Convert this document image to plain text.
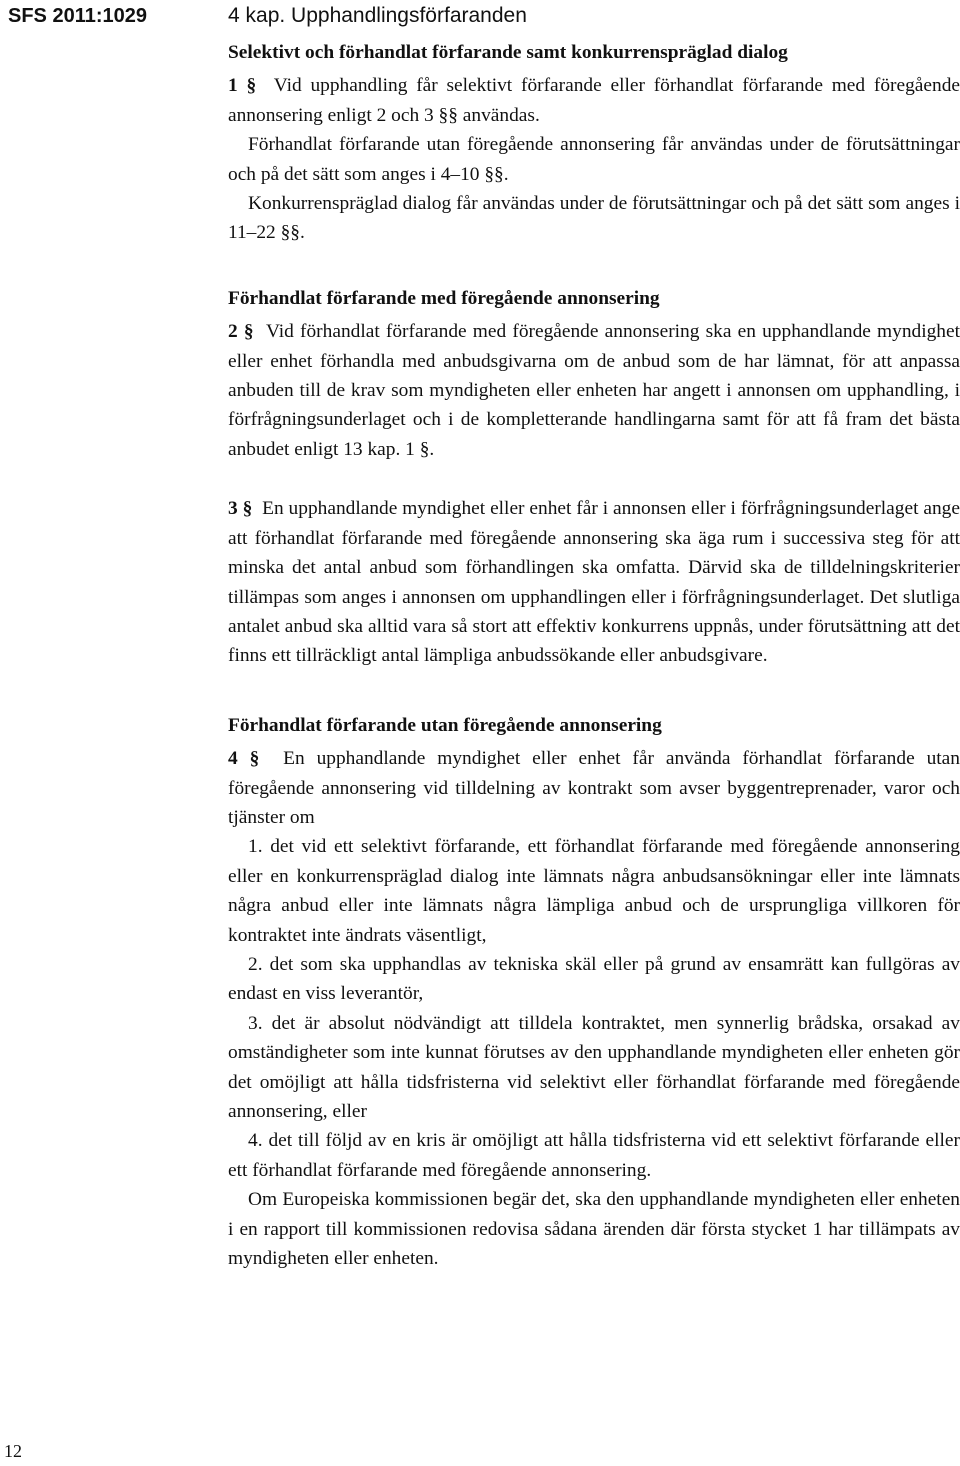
SFS 2011:1029	4 kap. Upphandlingsförfaranden
Selektivt och förhandlat förfarande samt konkurrenspräglad dialog

1 § Vid upphandling får selektivt förfarande eller förhandlat förfarande med föregående annonsering enligt 2 och 3 §§ användas.

Förhandlat förfarande utan föregående annonsering får användas under de förutsättningar och på det sätt som anges i 4–10 §§.

Konkurrenspräglad dialog får användas under de förutsättningar och på det sätt som anges i 11–22 §§.

Förhandlat förfarande med föregående annonsering

2 § Vid förhandlat förfarande med föregående annonsering ska en upphandlande myndighet eller enhet förhandla med anbudsgivarna om de anbud som de har lämnat, för att anpassa anbuden till de krav som myndigheten eller enheten har angett i annonsen om upphandling, i förfrågningsunderlaget och i de kompletterande handlingarna samt för att få fram det bästa anbudet enligt 13 kap. 1 §.

3 § En upphandlande myndighet eller enhet får i annonsen eller i förfrågningsunderlaget ange att förhandlat förfarande med föregående annonsering ska äga rum i successiva steg för att minska det antal anbud som förhandlingen ska omfatta. Därvid ska de tilldelningskriterier tillämpas som anges i annonsen om upphandlingen eller i förfrågningsunderlaget. Det slutliga antalet anbud ska alltid vara så stort att effektiv konkurrens uppnås, under förutsättning att det finns ett tillräckligt antal lämpliga anbudssökande eller anbudsgivare.

Förhandlat förfarande utan föregående annonsering

4 § En upphandlande myndighet eller enhet får använda förhandlat förfarande utan föregående annonsering vid tilldelning av kontrakt som avser byggentreprenader, varor och tjänster om

1. det vid ett selektivt förfarande, ett förhandlat förfarande med föregående annonsering eller en konkurrenspräglad dialog inte lämnats några anbudsansökningar eller inte lämnats några anbud eller inte lämnats några lämpliga anbud och de ursprungliga villkoren för kontraktet inte ändrats väsentligt,

2. det som ska upphandlas av tekniska skäl eller på grund av ensamrätt kan fullgöras av endast en viss leverantör,

3. det är absolut nödvändigt att tilldela kontraktet, men synnerlig brådska, orsakad av omständigheter som inte kunnat förutses av den upphandlande myndigheten eller enheten gör det omöjligt att hålla tidsfristerna vid selektivt eller förhandlat förfarande med föregående annonsering, eller

4. det till följd av en kris är omöjligt att hålla tidsfristerna vid ett selektivt förfarande eller ett förhandlat förfarande med föregående annonsering.

Om Europeiska kommissionen begär det, ska den upphandlande myndigheten eller enheten i en rapport till kommissionen redovisa sådana ärenden där första stycket 1 har tillämpats av myndigheten eller enheten.

12
